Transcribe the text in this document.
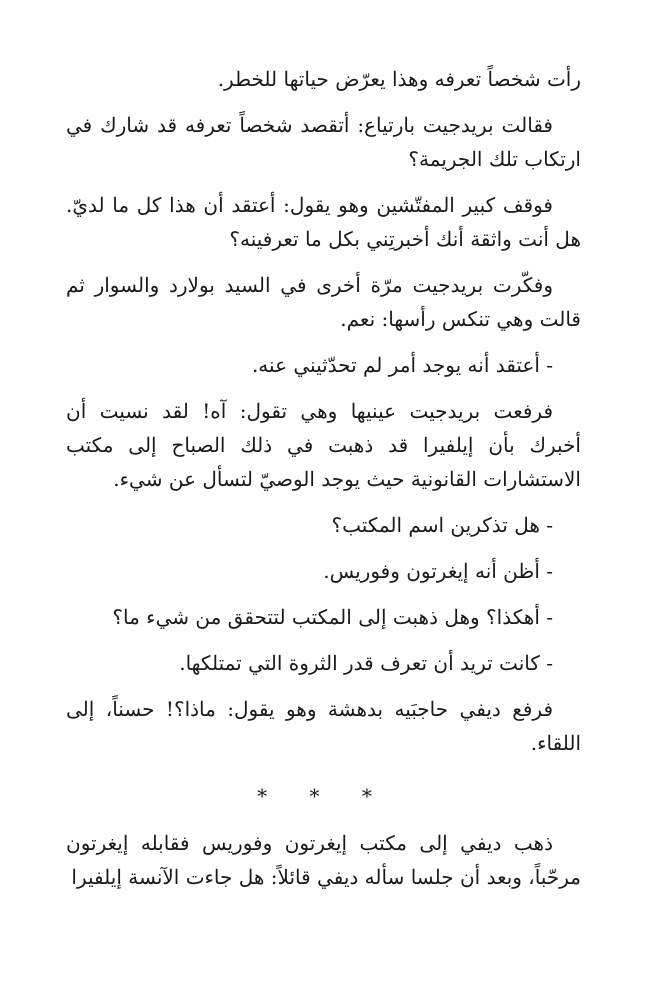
رأت شخصاً تعرفه وهذا يعرّض حياتها للخطر.

فقالت بريدجيت بارتياع: أتقصد شخصاً تعرفه قد شارك في ارتكاب تلك الجريمة؟

فوقف كبير المفتّشين وهو يقول: أعتقد أن هذا كل ما لديّ. هل أنت واثقة أنك أخبرتِني بكل ما تعرفينه؟

وفكّرت بريدجيت مرّة أخرى في السيد بولارد والسوار ثم قالت وهي تنكس رأسها: نعم.

- أعتقد أنه يوجد أمر لم تحدّثيني عنه.

فرفعت بريدجيت عينيها وهي تقول: آه! لقد نسيت أن أخبرك بأن إيلفيرا قد ذهبت في ذلك الصباح إلى مكتب الاستشارات القانونية حيث يوجد الوصيّ لتسأل عن شيء.

- هل تذكرين اسم المكتب؟

- أظن أنه إيغرتون وفوريس.

- أهكذا؟ وهل ذهبت إلى المكتب لتتحقق من شيء ما؟

- كانت تريد أن تعرف قدر الثروة التي تمتلكها.

فرفع ديفي حاجبَيه بدهشة وهو يقول: ماذا؟! حسناً، إلى اللقاء.

* * *

ذهب ديفي إلى مكتب إيغرتون وفوريس فقابله إيغرتون مرحّباً، وبعد أن جلسا سأله ديفي قائلاً: هل جاءت الآنسة إيلفيرا
